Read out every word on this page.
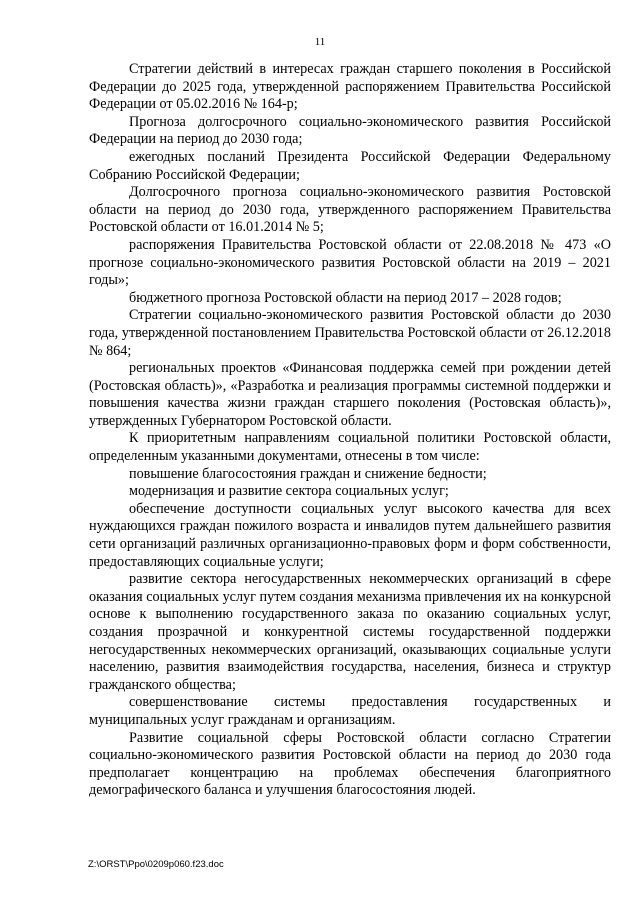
11

Стратегии действий в интересах граждан старшего поколения в Российской Федерации до 2025 года, утвержденной распоряжением Правительства Российской Федерации от 05.02.2016 № 164-р;

Прогноза долгосрочного социально-экономического развития Российской Федерации на период до 2030 года;

ежегодных посланий Президента Российской Федерации Федеральному Собранию Российской Федерации;

Долгосрочного прогноза социально-экономического развития Ростовской области на период до 2030 года, утвержденного распоряжением Правительства Ростовской области от 16.01.2014 № 5;

распоряжения Правительства Ростовской области от 22.08.2018 № 473 «О прогнозе социально-экономического развития Ростовской области на 2019 – 2021 годы»;

бюджетного прогноза Ростовской области на период 2017 – 2028 годов;

Стратегии социально-экономического развития Ростовской области до 2030 года, утвержденной постановлением Правительства Ростовской области от 26.12.2018 № 864;

региональных проектов «Финансовая поддержка семей при рождении детей (Ростовская область)», «Разработка и реализация программы системной поддержки и повышения качества жизни граждан старшего поколения (Ростовская область)», утвержденных Губернатором Ростовской области.

К приоритетным направлениям социальной политики Ростовской области, определенным указанными документами, отнесены в том числе:

повышение благосостояния граждан и снижение бедности;

модернизация и развитие сектора социальных услуг;

обеспечение доступности социальных услуг высокого качества для всех нуждающихся граждан пожилого возраста и инвалидов путем дальнейшего развития сети организаций различных организационно-правовых форм и форм собственности, предоставляющих социальные услуги;

развитие сектора негосударственных некоммерческих организаций в сфере оказания социальных услуг путем создания механизма привлечения их на конкурсной основе к выполнению государственного заказа по оказанию социальных услуг, создания прозрачной и конкурентной системы государственной поддержки негосударственных некоммерческих организаций, оказывающих социальные услуги населению, развития взаимодействия государства, населения, бизнеса и структур гражданского общества;

совершенствование системы предоставления государственных и муниципальных услуг гражданам и организациям.

Развитие социальной сферы Ростовской области согласно Стратегии социально-экономического развития Ростовской области на период до 2030 года предполагает концентрацию на проблемах обеспечения благоприятного демографического баланса и улучшения благосостояния людей.

Z:\ORST\Ppo\0209p060.f23.doc
